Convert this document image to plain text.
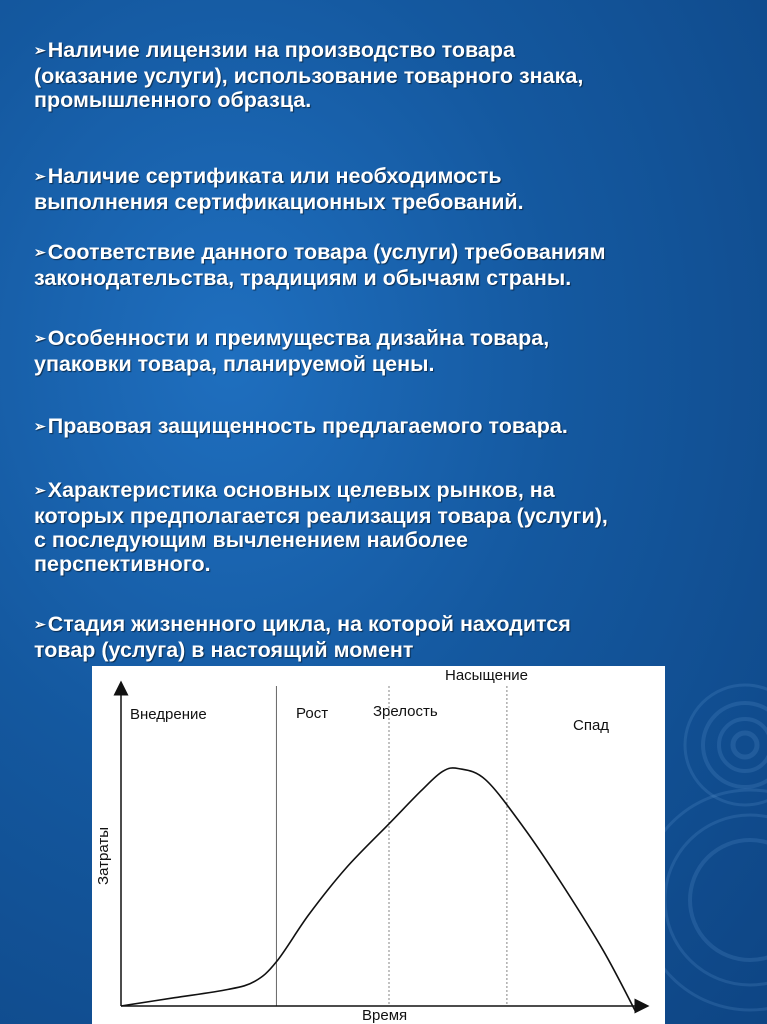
➢Наличие лицензии на производство товара
(оказание услуги), использование товарного знака,
промышленного образца.
➢Наличие сертификата или необходимость
выполнения сертификационных требований.
➢Соответствие данного товара (услуги) требованиям
законодательства, традициям и обычаям страны.
➢Особенности и преимущества дизайна товара,
упаковки товара, планируемой цены.
➢Правовая защищенность предлагаемого товара.
➢Характеристика основных целевых рынков, на
которых предполагается реализация товара (услуги),
с последующим вычленением наиболее
перспективного.
➢Стадия жизненного цикла, на которой находится
товар (услуга) в настоящий момент
Внедрение	Рост	Зрелость
Насыщение
Спад
Время
Затраты
